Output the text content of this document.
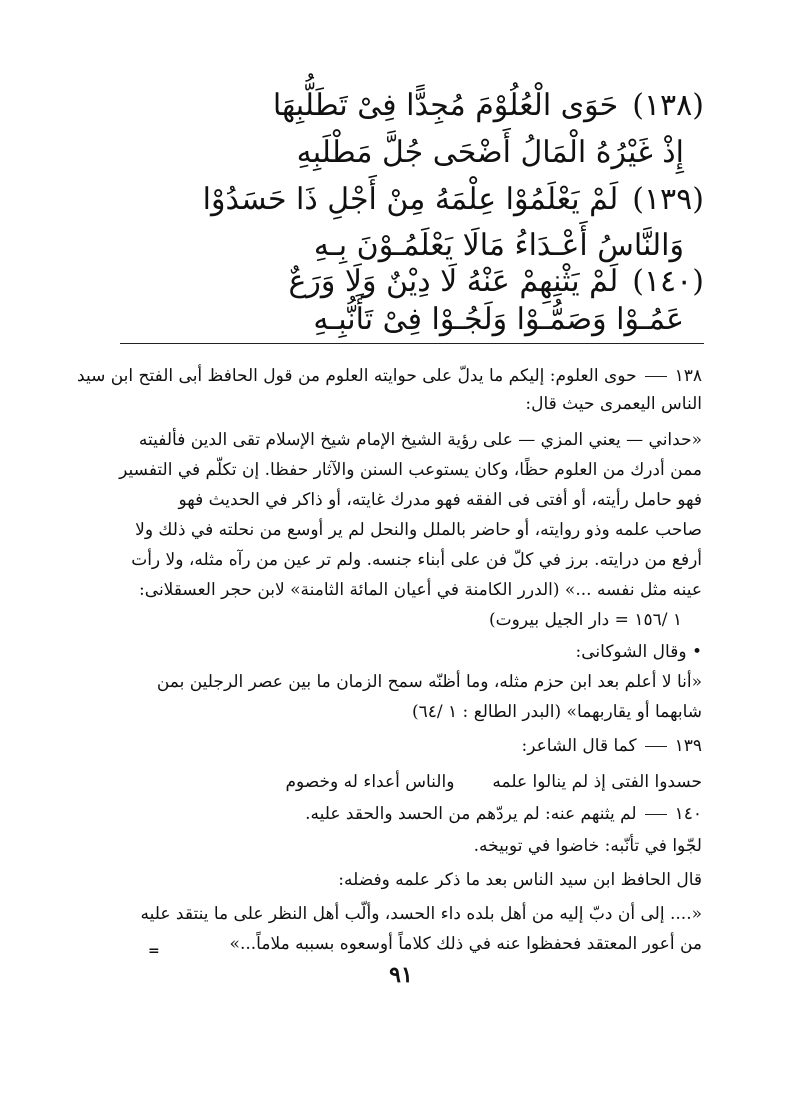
(١٣٨)حَوَى الْعُلُوْمَ مُجِدًّا فِىْ تَطَلُّبِهَا
إِذْ غَيْرُهُ الْمَالُ أَضْحَى جُلَّ مَطْلَبِهِ
(١٣٩)لَمْ يَعْلَمُوْا عِلْمَهُ مِنْ أَجْلِ ذَا حَسَدُوْا
وَالنَّاسُ أَعْـدَاءُ مَالَا يَعْلَمُـوْنَ بِـهِ
(١٤٠)لَمْ يَثْنِهِمْ عَنْهُ لَا دِيْنٌ وَلَا وَرَعٌ
عَمُـوْا وَصَمُّـوْا وَلَجُـوْا فِىْ تَأَنُّبِـهِ
١٣٨حوى العلوم: إليكم ما يدلّ على حوايته العلوم من قول الحافظ أبى الفتح ابن سيد
الناس اليعمرى حيث قال:
«حداني — يعني المزي — على رؤية الشيخ الإمام شيخ الإسلام تقى الدين فألفيته
ممن أدرك من العلوم حظًا، وكان يستوعب السنن والآثار حفظا. إن تكلّم في التفسير
فهو حامل رأيته، أو أفتى فى الفقه فهو مدرك غايته، أو ذاكر في الحديث فهو
صاحب علمه وذو روايته، أو حاضر بالملل والنحل لم ير أوسع من نحلته في ذلك ولا
أرفع من درايته. برز في كلّ فن على أبناء جنسه. ولم تر عين من رآه مثله، ولا رأت
عينه مثل نفسه ...» (الدرر الكامنة في أعيان المائة الثامنة» لابن حجر العسقلانى:
١ /١٥٦ = دار الجيل بيروت)
• وقال الشوكانى:
«أنا لا أعلم بعد ابن حزم مثله، وما أظنّه سمح الزمان ما بين عصر الرجلين بمن
شابهما أو يقاربهما» (البدر الطالع : ١ /٦٤)
١٣٩كما قال الشاعر:
حسدوا الفتى إذ لم ينالوا علمهوالناس أعداء له وخصوم
١٤٠لم يثنهم عنه: لم يردّهم من الحسد والحقد عليه.
لجّوا في تأنّبه: خاضوا في توبيخه.
قال الحافظ ابن سيد الناس بعد ما ذكر علمه وفضله:
«.... إلى أن دبّ إليه من أهل بلده داء الحسد، وألّب أهل النظر على ما ينتقد عليه
من أعور المعتقد فحفظوا عنه في ذلك كلاماً أوسعوه بسببه ملاماً...»
=
٩١
